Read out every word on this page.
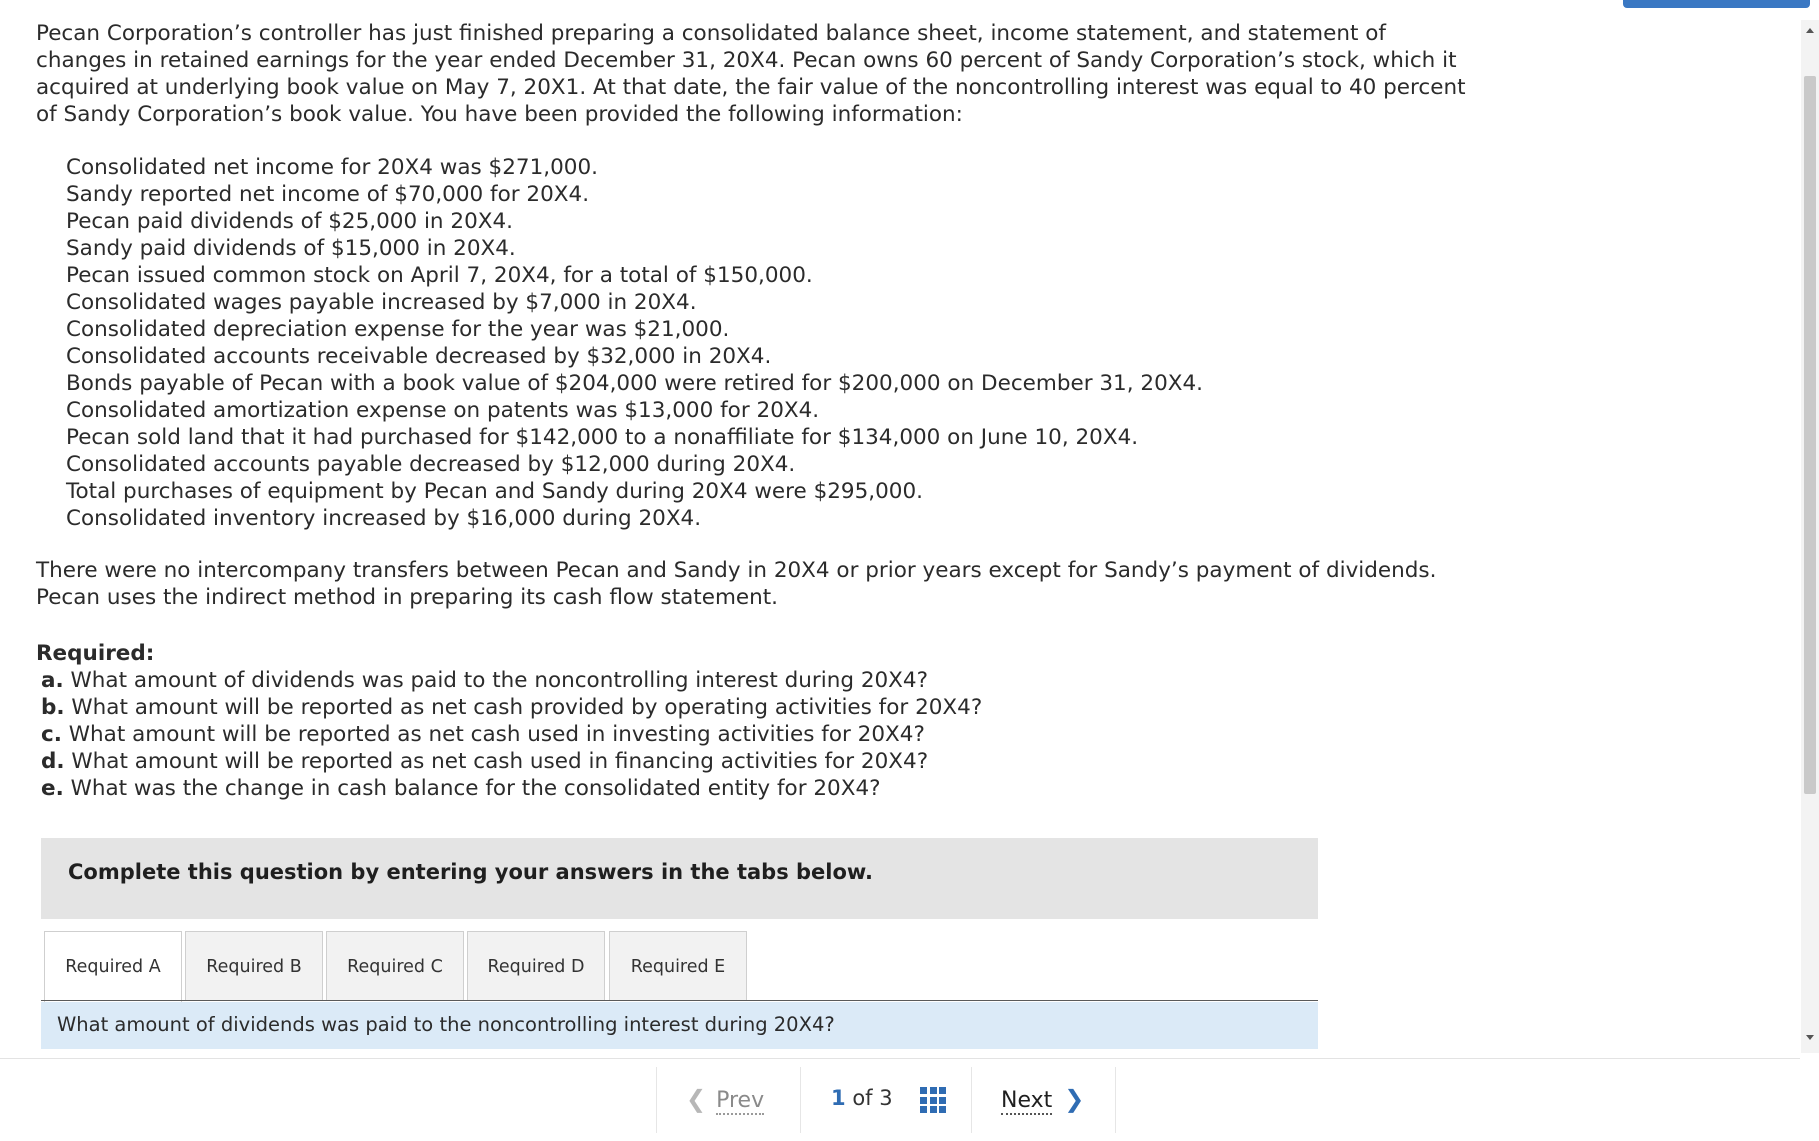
Pecan Corporation’s controller has just finished preparing a consolidated balance sheet, income statement, and statement of changes in retained earnings for the year ended December 31, 20X4. Pecan owns 60 percent of Sandy Corporation’s stock, which it acquired at underlying book value on May 7, 20X1. At that date, the fair value of the noncontrolling interest was equal to 40 percent of Sandy Corporation’s book value. You have been provided the following information:

Consolidated net income for 20X4 was $271,000.
Sandy reported net income of $70,000 for 20X4.
Pecan paid dividends of $25,000 in 20X4.
Sandy paid dividends of $15,000 in 20X4.
Pecan issued common stock on April 7, 20X4, for a total of $150,000.
Consolidated wages payable increased by $7,000 in 20X4.
Consolidated depreciation expense for the year was $21,000.
Consolidated accounts receivable decreased by $32,000 in 20X4.
Bonds payable of Pecan with a book value of $204,000 were retired for $200,000 on December 31, 20X4.
Consolidated amortization expense on patents was $13,000 for 20X4.
Pecan sold land that it had purchased for $142,000 to a nonaffiliate for $134,000 on June 10, 20X4.
Consolidated accounts payable decreased by $12,000 during 20X4.
Total purchases of equipment by Pecan and Sandy during 20X4 were $295,000.
Consolidated inventory increased by $16,000 during 20X4.

There were no intercompany transfers between Pecan and Sandy in 20X4 or prior years except for Sandy’s payment of dividends. Pecan uses the indirect method in preparing its cash flow statement.

Required:
a. What amount of dividends was paid to the noncontrolling interest during 20X4?
b. What amount will be reported as net cash provided by operating activities for 20X4?
c. What amount will be reported as net cash used in investing activities for 20X4?
d. What amount will be reported as net cash used in financing activities for 20X4?
e. What was the change in cash balance for the consolidated entity for 20X4?
Complete this question by entering your answers in the tabs below.
Required A	Required B	Required C	Required D	Required E
What amount of dividends was paid to the noncontrolling interest during 20X4?
❮ Prev	1 of 3	Next ❯
